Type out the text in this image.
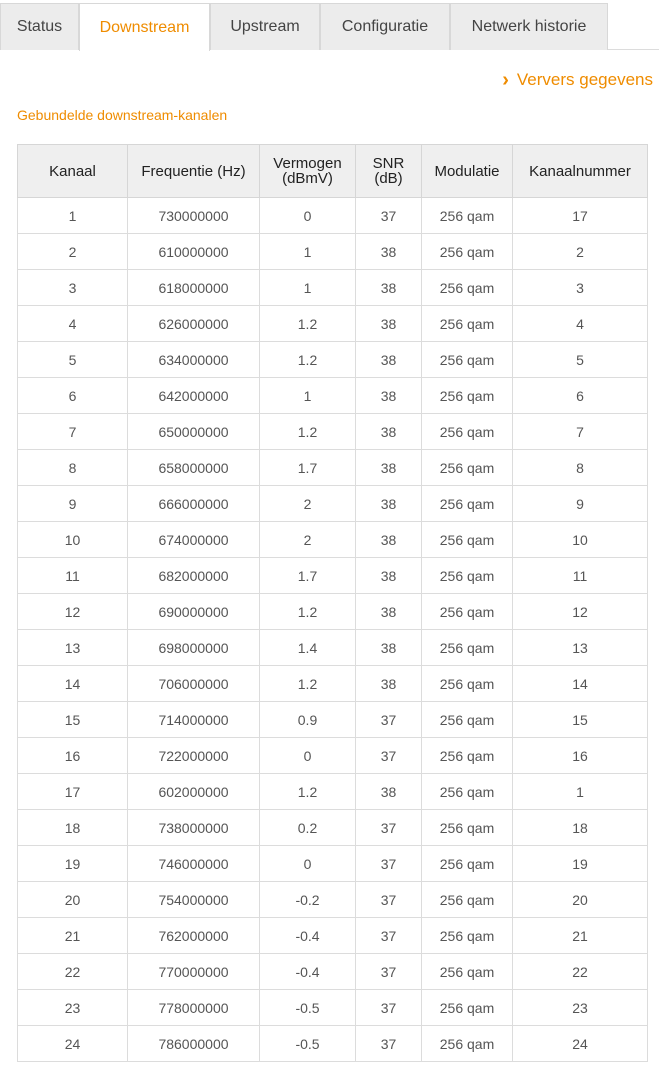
Status	Downstream	Upstream	Configuratie	Netwerk historie
› Ververs gegevens
Gebundelde downstream-kanalen
Kanaal	Frequentie (Hz)	Vermogen (dBmV)	SNR (dB)	Modulatie	Kanaalnummer
1	730000000	0	37	256 qam	17
2	610000000	1	38	256 qam	2
3	618000000	1	38	256 qam	3
4	626000000	1.2	38	256 qam	4
5	634000000	1.2	38	256 qam	5
6	642000000	1	38	256 qam	6
7	650000000	1.2	38	256 qam	7
8	658000000	1.7	38	256 qam	8
9	666000000	2	38	256 qam	9
10	674000000	2	38	256 qam	10
11	682000000	1.7	38	256 qam	11
12	690000000	1.2	38	256 qam	12
13	698000000	1.4	38	256 qam	13
14	706000000	1.2	38	256 qam	14
15	714000000	0.9	37	256 qam	15
16	722000000	0	37	256 qam	16
17	602000000	1.2	38	256 qam	1
18	738000000	0.2	37	256 qam	18
19	746000000	0	37	256 qam	19
20	754000000	-0.2	37	256 qam	20
21	762000000	-0.4	37	256 qam	21
22	770000000	-0.4	37	256 qam	22
23	778000000	-0.5	37	256 qam	23
24	786000000	-0.5	37	256 qam	24
